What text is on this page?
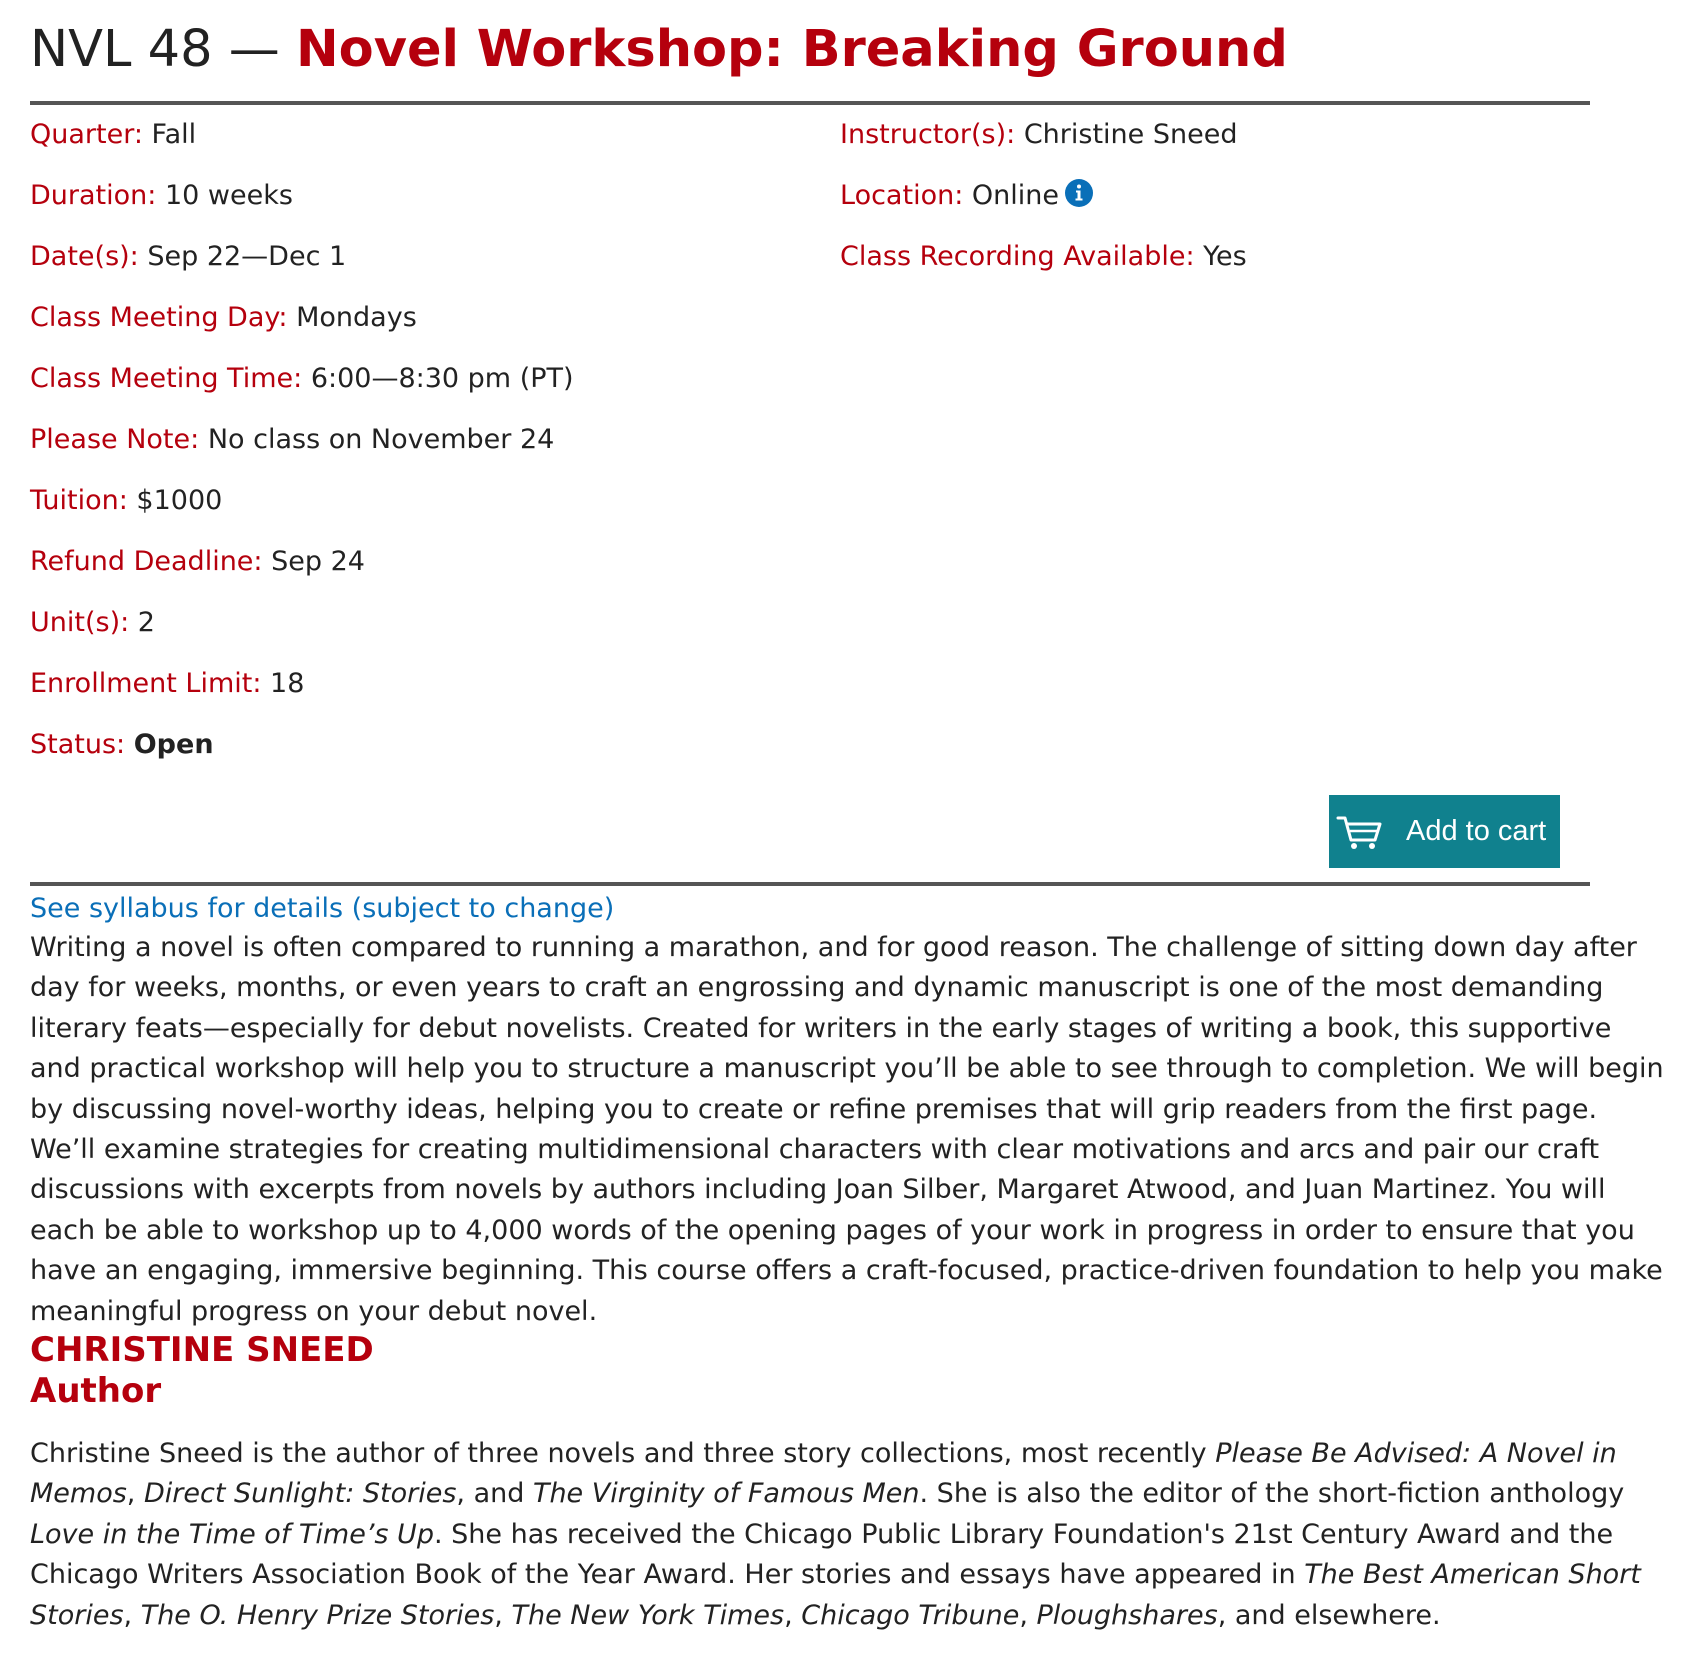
NVL 48 — Novel Workshop: Breaking Ground
Quarter: Fall
Duration: 10 weeks
Date(s): Sep 22—Dec 1
Class Meeting Day: Mondays
Class Meeting Time: 6:00—8:30 pm (PT)
Please Note: No class on November 24
Tuition: $1000
Refund Deadline: Sep 24
Unit(s): 2
Enrollment Limit: 18
Status: Open
Instructor(s): Christine Sneed
Location: Online
Class Recording Available: Yes
See syllabus for details (subject to change)
Add to cart

Writing a novel is often compared to running a marathon, and for good reason. The challenge of sitting down day after day for weeks, months, or even years to craft an engrossing and dynamic manuscript is one of the most demanding literary feats—especially for debut novelists. Created for writers in the early stages of writing a book, this supportive and practical workshop will help you to structure a manuscript you’ll be able to see through to completion. We will begin by discussing novel-worthy ideas, helping you to create or refine premises that will grip readers from the first page. We’ll examine strategies for creating multidimensional characters with clear motivations and arcs and pair our craft discussions with excerpts from novels by authors including Joan Silber, Margaret Atwood, and Juan Martinez. You will each be able to workshop up to 4,000 words of the opening pages of your work in progress in order to ensure that you have an engaging, immersive beginning. This course offers a craft-focused, practice-driven foundation to help you make meaningful progress on your debut novel.

CHRISTINE SNEED
Author

Christine Sneed is the author of three novels and three story collections, most recently Please Be Advised: A Novel in Memos, Direct Sunlight: Stories, and The Virginity of Famous Men. She is also the editor of the short-fiction anthology Love in the Time of Time’s Up. She has received the Chicago Public Library Foundation's 21st Century Award and the Chicago Writers Association Book of the Year Award. Her stories and essays have appeared in The Best American Short Stories, The O. Henry Prize Stories, The New York Times, Chicago Tribune, Ploughshares, and elsewhere.
